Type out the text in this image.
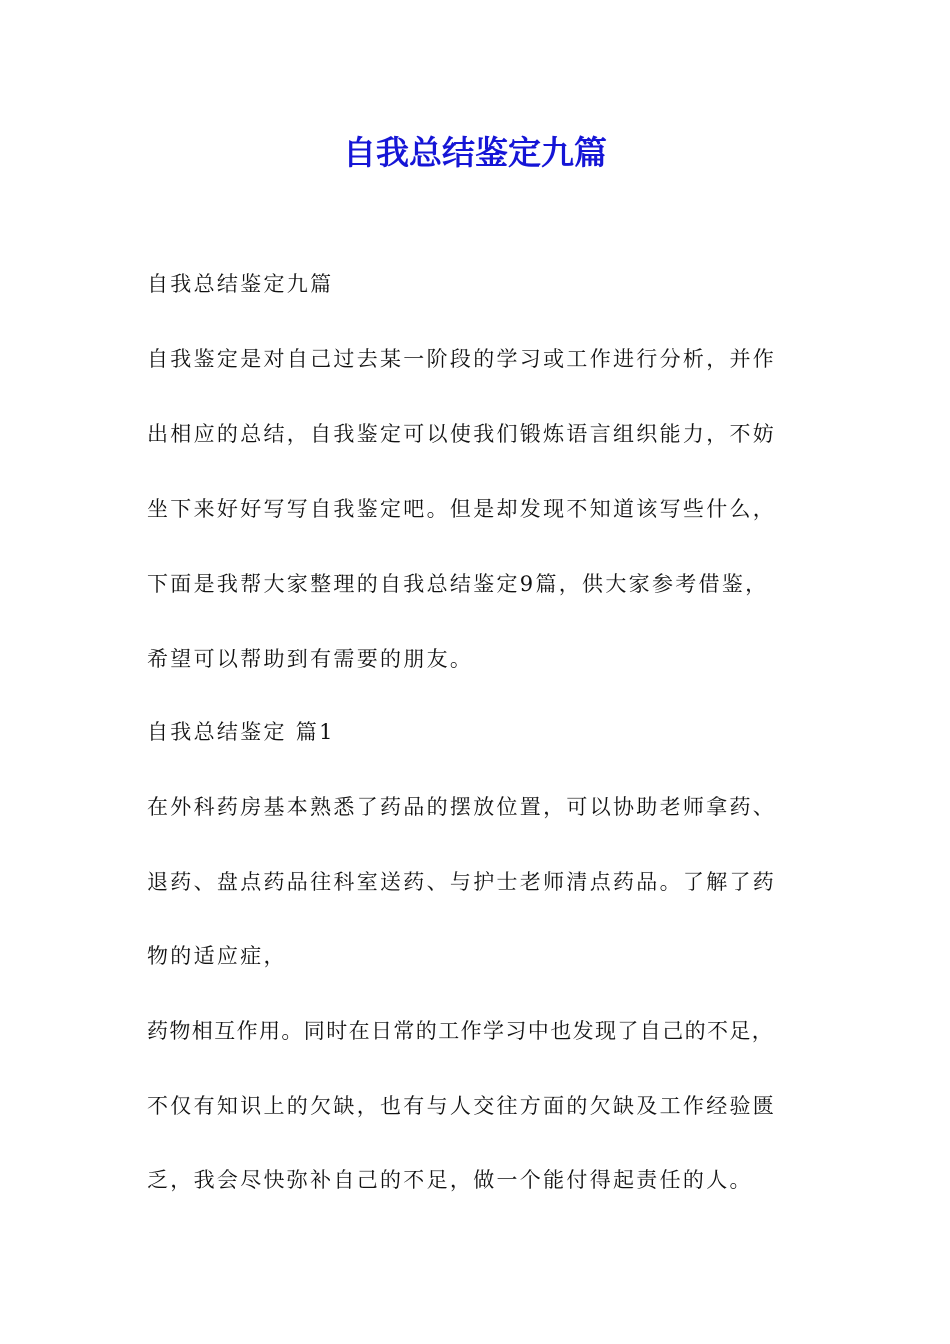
自我总结鉴定九篇

自我总结鉴定九篇

自我鉴定是对自己过去某一阶段的学习或工作进行分析，并作

出相应的总结，自我鉴定可以使我们锻炼语言组织能力，不妨

坐下来好好写写自我鉴定吧。但是却发现不知道该写些什么，

下面是我帮大家整理的自我总结鉴定9篇，供大家参考借鉴，

希望可以帮助到有需要的朋友。

自我总结鉴定 篇1

在外科药房基本熟悉了药品的摆放位置，可以协助老师拿药、

退药、盘点药品往科室送药、与护士老师清点药品。了解了药

物的适应症，

药物相互作用。同时在日常的工作学习中也发现了自己的不足，

不仅有知识上的欠缺，也有与人交往方面的欠缺及工作经验匮

乏，我会尽快弥补自己的不足，做一个能付得起责任的人。
